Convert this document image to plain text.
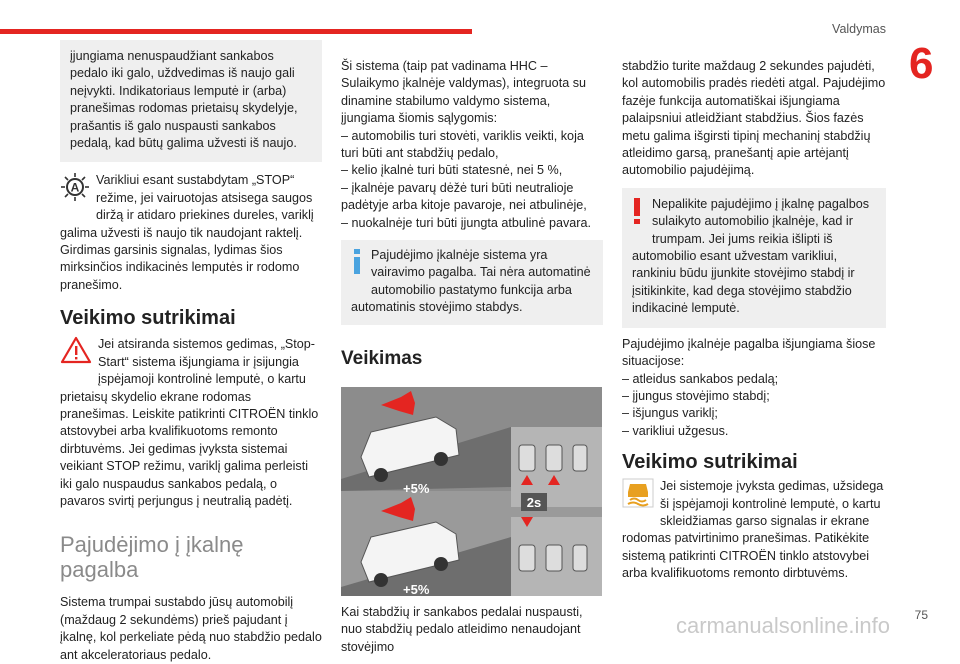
Valdymas
6

įjungiama nenuspaudžiant sankabos pedalo iki galo, uždvedimas iš naujo gali neįvykti. Indikatoriaus lemputė ir (arba) pranešimas rodomas prietaisų skydelyje, prašantis iš galo nuspausti sankabos pedalą, kad būtų galima užvesti iš naujo.

A

Varikliui esant sustabdytam „STOP“ režime, jei vairuotojas atsisega saugos diržą ir atidaro priekines dureles, variklį galima užvesti iš naujo tik naudojant raktelį. Girdimas garsinis signalas, lydimas šios mirksinčios indikacinės lemputės ir rodomo pranešimo.

Veikimo sutrikimai

Jei atsiranda sistemos gedimas, „Stop-Start“ sistema išjungiama ir įsijungia įspėjamoji kontrolinė lemputė, o kartu prietaisų skydelio ekrane rodomas pranešimas. Leiskite patikrinti CITROËN tinklo atstovybei arba kvalifikuotoms remonto dirbtuvėms. Jei gedimas įvyksta sistemai veikiant STOP režimu, variklį galima perleisti iki galo nuspaudus sankabos pedalą, o pavaros svirtį perjungus į neutralią padėtį.

Pajudėjimo į įkalnę pagalba

Sistema trumpai sustabdo jūsų automobilį (maždaug 2 sekundėms) prieš pajudant į įkalnę, kol perkeliate pėdą nuo stabdžio pedalo ant akceleratoriaus pedalo.

Ši sistema (taip pat vadinama HHC – Sulaikymo įkalnėje valdymas), integruota su dinamine stabilumo valdymo sistema, įjungiama šiomis sąlygomis:

– automobilis turi stovėti, variklis veikti, koja turi būti ant stabdžių pedalo,

– kelio įkalnė turi būti statesnė, nei 5 %,

– įkalnėje pavarų dėžė turi būti neutralioje padėtyje arba kitoje pavaroje, nei atbulinėje,

– nuokalnėje turi būti įjungta atbulinė pavara.

Pajudėjimo įkalnėje sistema yra vairavimo pagalba. Tai nėra automatinė automobilio pastatymo funkcija arba automatinis stovėjimo stabdys.

Veikimas

+5%
+5%
2s

Kai stabdžių ir sankabos pedalai nuspausti, nuo stabdžių pedalo atleidimo nenaudojant stovėjimo

stabdžio turite maždaug 2 sekundes pajudėti, kol automobilis pradės riedėti atgal. Pajudėjimo fazėje funkcija automatiškai išjungiama palaipsniui atleidžiant stabdžius. Šios fazės metu galima išgirsti tipinį mechaninį stabdžių atleidimo garsą, pranešantį apie artėjantį automobilio pajudėjimą.

Nepalikite pajudėjimo į įkalnę pagalbos sulaikyto automobilio įkalnėje, kad ir trumpam. Jei jums reikia išlipti iš automobilio esant užvestam varikliui, rankiniu būdu įjunkite stovėjimo stabdį ir įsitikinkite, kad dega stovėjimo stabdžio indikacinė lemputė.

Pajudėjimo įkalnėje pagalba išjungiama šiose situacijose:

– atleidus sankabos pedalą;

– įjungus stovėjimo stabdį;

– išjungus variklį;

– varikliui užgesus.

Veikimo sutrikimai

Jei sistemoje įvyksta gedimas, užsidega ši įspėjamoji kontrolinė lemputė, o kartu skleidžiamas garso signalas ir ekrane rodomas patvirtinimo pranešimas. Patikėkite sistemą patikrinti CITROËN tinklo atstovybei arba kvalifikuotoms remonto dirbtuvėms.

carmanualsonline.info 75
